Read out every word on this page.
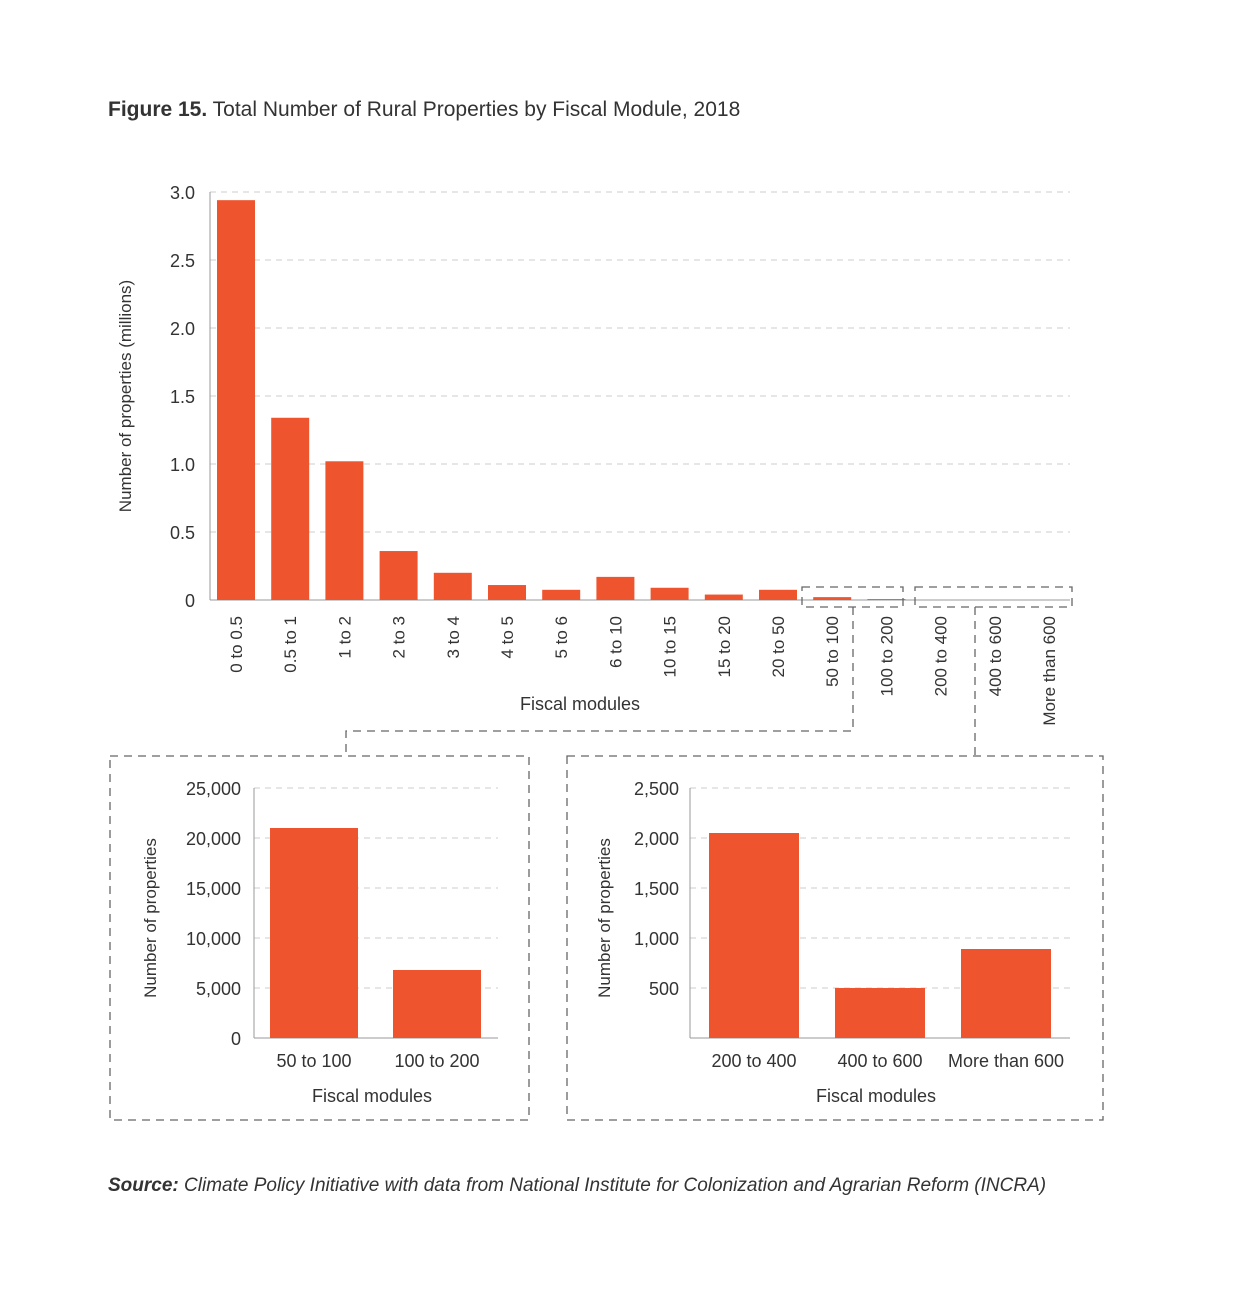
Figure 15. Total Number of Rural Properties by Fiscal Module, 2018
0
0.5
1.0
1.5
2.0
2.5
3.0
0 to 0.5 0.5 to 1 1 to 2 2 to 3 3 to 4 4 to 5 5 to 6 6 to 10 10 to 15 15 to 20 20 to 50 50 to 100 100 to 200 200 to 400 400 to 600 More than 600
Fiscal modules
Number of properties (millions)
0
5,000
10,000
15,000
20,000
25,000
50 to 100 100 to 200
Fiscal modules
Number of properties	500
1,000
1,500
2,000
2,500
200 to 400 400 to 600 More than 600
Fiscal modules
Number of properties
Source: Climate Policy Initiative with data from National Institute for Colonization and Agrarian Reform (INCRA)
